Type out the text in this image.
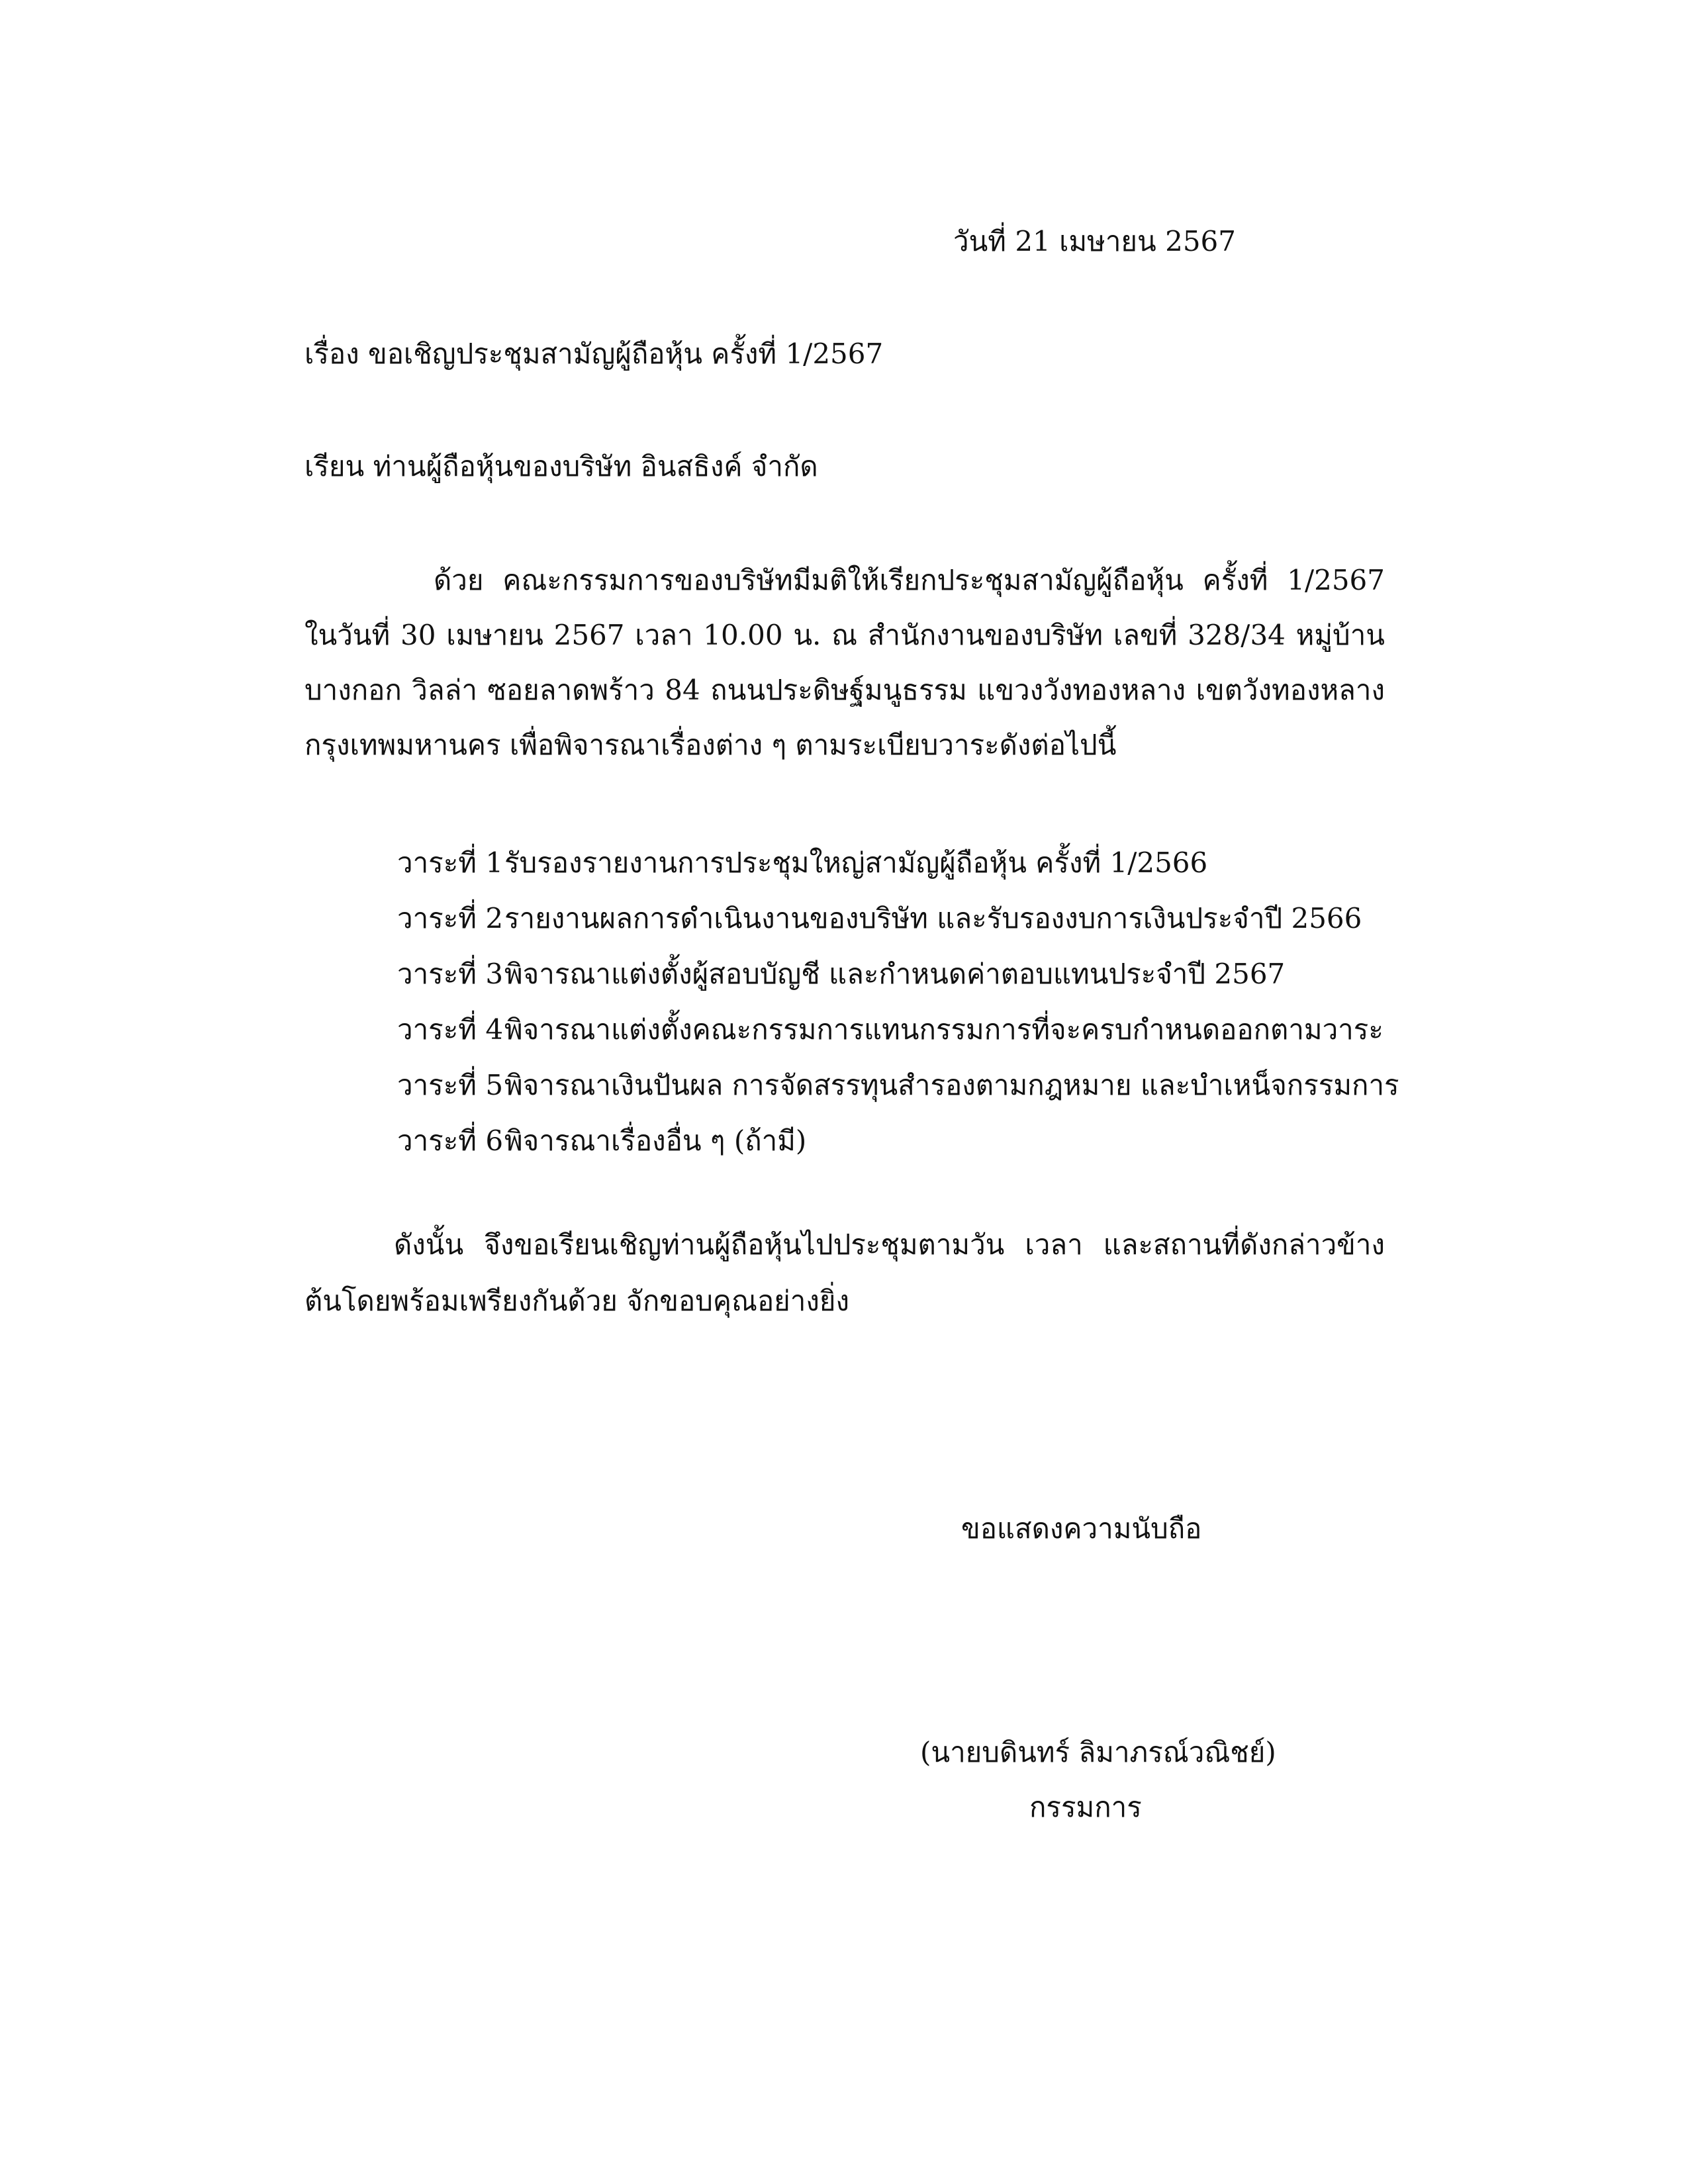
วันที่ 21 เมษายน 2567
เรื่อง ขอเชิญประชุมสามัญผู้ถือหุ้น ครั้งที่ 1/2567
เรียน ท่านผู้ถือหุ้นของบริษัท อินสธิงค์ จำกัด
ด้วย คณะกรรมการของบริษัทมีมติให้เรียกประชุมสามัญผู้ถือหุ้น ครั้งที่ 1/2567 ในวันที่ 30 เมษายน 2567 เวลา 10.00 น. ณ สำนักงานของบริษัท เลขที่ 328/34 หมู่บ้านบางกอก วิลล่า ซอยลาดพร้าว 84 ถนนประดิษฐ์มนูธรรม แขวงวังทองหลาง เขตวังทองหลาง กรุงเทพมหานคร เพื่อพิจารณาเรื่องต่าง ๆ ตามระเบียบวาระดังต่อไปนี้
วาระที่ 1รับรองรายงานการประชุมใหญ่สามัญผู้ถือหุ้น ครั้งที่ 1/2566
วาระที่ 2รายงานผลการดำเนินงานของบริษัท และรับรองงบการเงินประจำปี 2566
วาระที่ 3พิจารณาแต่งตั้งผู้สอบบัญชี และกำหนดค่าตอบแทนประจำปี 2567
วาระที่ 4พิจารณาแต่งตั้งคณะกรรมการแทนกรรมการที่จะครบกำหนดออกตามวาระ
วาระที่ 5พิจารณาเงินปันผล การจัดสรรทุนสำรองตามกฎหมาย และบำเหน็จกรรมการ
วาระที่ 6พิจารณาเรื่องอื่น ๆ (ถ้ามี)
ดังนั้น จึงขอเรียนเชิญท่านผู้ถือหุ้นไปประชุมตามวัน เวลา และสถานที่ดังกล่าวข้างต้นโดยพร้อมเพรียงกันด้วย จักขอบคุณอย่างยิ่ง
ขอแสดงความนับถือ
(นายบดินทร์ ลิมาภรณ์วณิชย์)
กรรมการ
